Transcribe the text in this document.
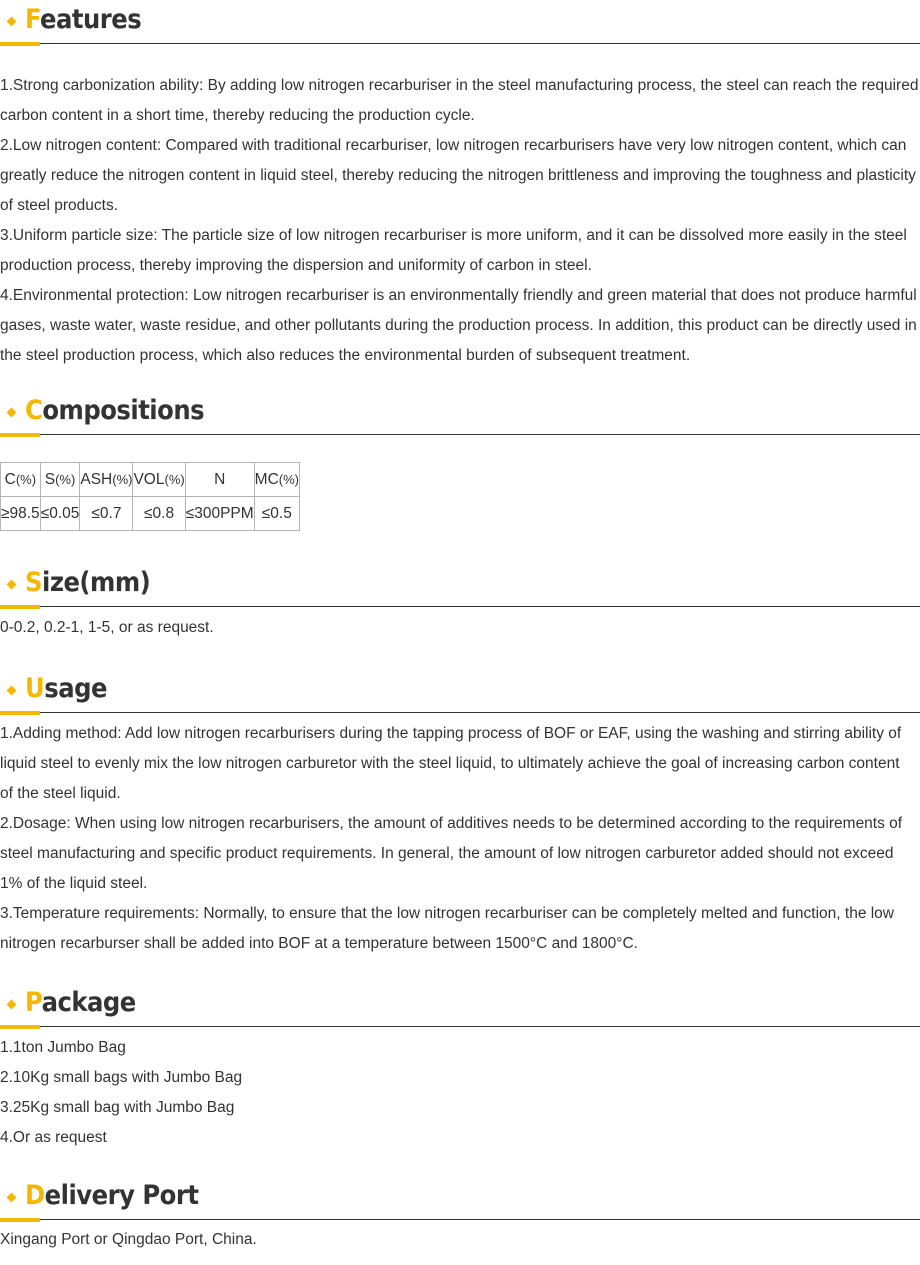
Features

1.Strong carbonization ability: By adding low nitrogen recarburiser in the steel manufacturing process, the steel can reach the required carbon content in a short time, thereby reducing the production cycle.

2.Low nitrogen content: Compared with traditional recarburiser, low nitrogen recarburisers have very low nitrogen content, which can greatly reduce the nitrogen content in liquid steel, thereby reducing the nitrogen brittleness and improving the toughness and plasticity of steel products.

3.Uniform particle size: The particle size of low nitrogen recarburiser is more uniform, and it can be dissolved more easily in the steel production process, thereby improving the dispersion and uniformity of carbon in steel.

4.Environmental protection: Low nitrogen recarburiser is an environmentally friendly and green material that does not produce harmful gases, waste water, waste residue, and other pollutants during the production process. In addition, this product can be directly used in the steel production process, which also reduces the environmental burden of subsequent treatment.

Compositions
C(%)	S(%)	ASH(%)	VOL(%)	N	MC(%)
≥98.5	≤0.05	≤0.7	≤0.8	≤300PPM	≤0.5
Size(mm)

0-0.2, 0.2-1, 1-5, or as request.

Usage

1.Adding method: Add low nitrogen recarburisers during the tapping process of BOF or EAF, using the washing and stirring ability of

liquid steel to evenly mix the low nitrogen carburetor with the steel liquid, to ultimately achieve the goal of increasing carbon content

of the steel liquid.

2.Dosage: When using low nitrogen recarburisers, the amount of additives needs to be determined according to the requirements of

steel manufacturing and specific product requirements. In general, the amount of low nitrogen carburetor added should not exceed

1% of the liquid steel.

3.Temperature requirements: Normally, to ensure that the low nitrogen recarburiser can be completely melted and function, the low

nitrogen recarburser shall be added into BOF at a temperature between 1500°C and 1800°C.

Package

1.1ton Jumbo Bag

2.10Kg small bags with Jumbo Bag

3.25Kg small bag with Jumbo Bag

4.Or as request

Delivery Port

Xingang Port or Qingdao Port, China.
